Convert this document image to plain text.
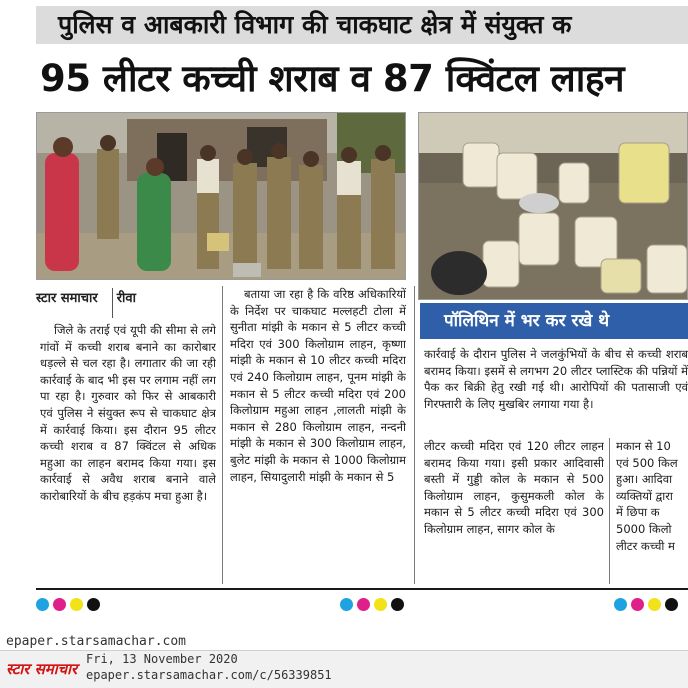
पुलिस व आबकारी विभाग की चाकघाट क्षेत्र में संयुक्त क
95 लीटर कच्ची शराब व 87 क्विंटल लाहन
पॉलिथिन में भर कर रखे थे
स्टार समाचार रीवा
जिले के तराई एवं यूपी की सीमा से लगे गांवों में कच्ची शराब बनाने का कारोबार धड़ल्ले से चल रहा है। लगातार की जा रही कार्रवाई के बाद भी इस पर लगाम नहीं लग पा रहा है। गुरुवार को फिर से आबकारी एवं पुलिस ने संयुक्त रूप से चाकघाट क्षेत्र में कार्रवाई किया। इस दौरान 95 लीटर कच्ची शराब व 87 क्विंटल से अधिक महुआ का लाहन बरामद किया गया। इस कार्रवाई से अवैध शराब बनाने वाले कारोबारियों के बीच हड़कंप मचा हुआ है।
बताया जा रहा है कि वरिष्ठ अधिकारियों के निर्देश पर चाकघाट मल्लहटी टोला में सुनीता मांझी के मकान से 5 लीटर कच्ची मदिरा एवं 300 किलोग्राम लाहन, कृष्णा मांझी के मकान से 10 लीटर कच्ची मदिरा एवं 240 किलोग्राम लाहन, पूनम मांझी के मकान से 5 लीटर कच्ची मदिरा एवं 200 किलोग्राम महुआ लाहन ,लालती मांझी के मकान से 280 किलोग्राम लाहन, नन्दनी मांझी के मकान से 300 किलोग्राम लाहन, बुलेट मांझी के मकान से 1000 किलोग्राम लाहन, सियादुलारी मांझी के मकान से 5
कार्रवाई के दौरान पुलिस ने जलकुंभियों के बीच से कच्ची शराब बरामद किया। इसमें से लगभग 20 लीटर प्लास्टिक की पन्नियों में पैक कर बिक्री हेतु रखी गई थी। आरोपियों की पतासाजी एवं गिरफ्तारी के लिए मुखबिर लगाया गया है।
लीटर कच्ची मदिरा एवं 120 लीटर लाहन बरामद किया गया। इसी प्रकार आदिवासी बस्ती में गुड्डी कोल के मकान से 500 किलोग्राम लाहन, कुसुमकली कोल के मकान से 5 लीटर कच्ची मदिरा एवं 300 किलोग्राम लाहन, सागर कोल के
मकान से 10
एवं 500 किल
हुआ। आदिवा
व्यक्तियों द्वारा
में छिपा क
5000 किलो
लीटर कच्ची म
epaper.starsamachar.com
स्टार समाचार
Fri, 13 November 2020
epaper.starsamachar.com/c/56339851
